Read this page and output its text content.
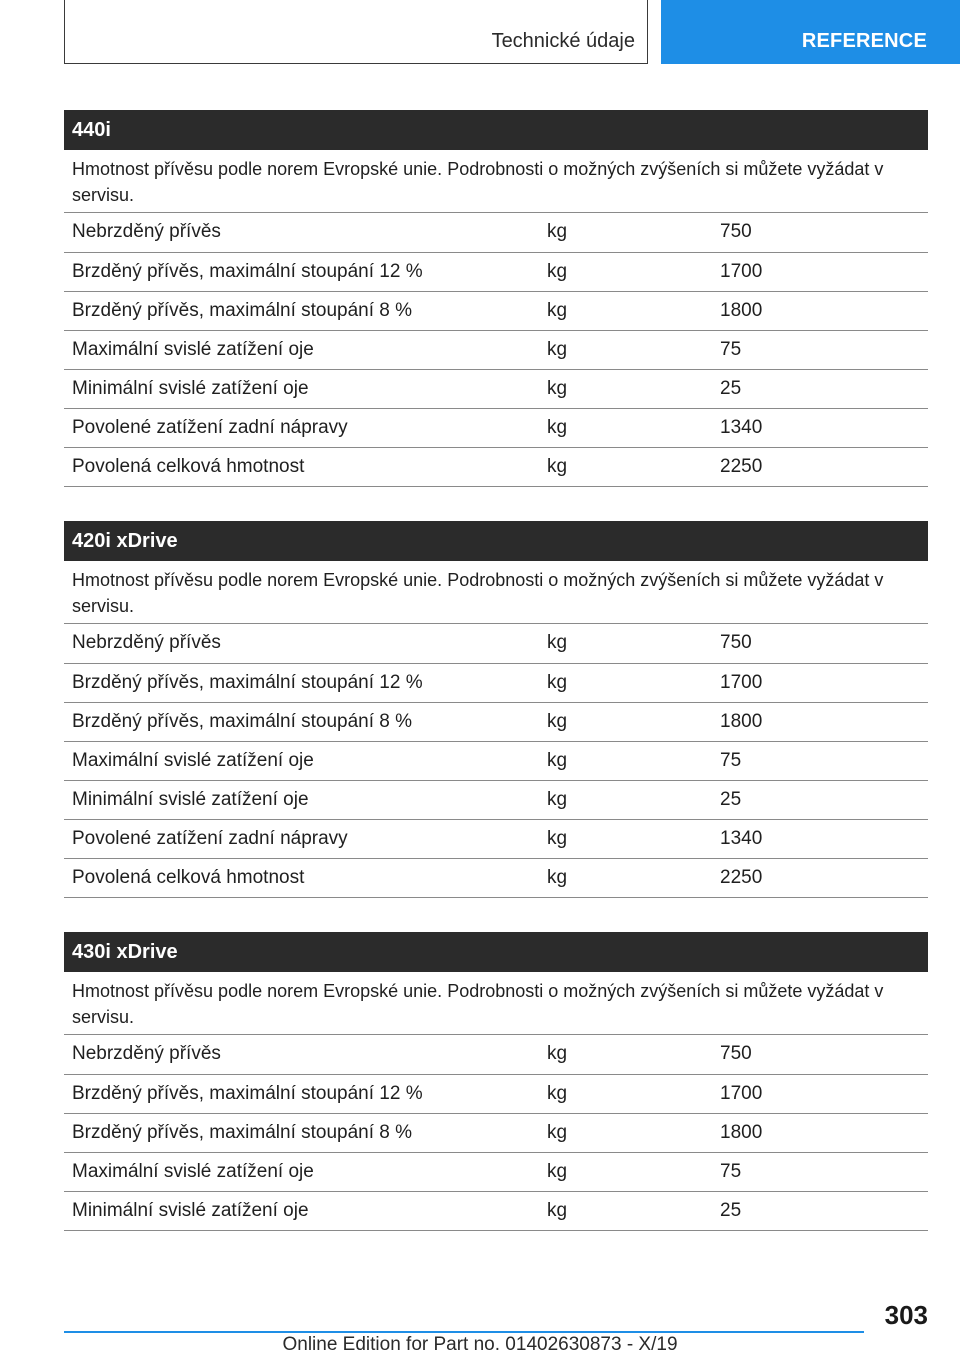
Technické údaje	REFERENCE
440i
Hmotnost přívěsu podle norem Evropské unie. Podrobnosti o možných zvýšeních si můžete vyžádat v servisu.
Nebrzděný přívěs	kg	750
Brzděný přívěs, maximální stoupání 12 %	kg	1700
Brzděný přívěs, maximální stoupání 8 %	kg	1800
Maximální svislé zatížení oje	kg	75
Minimální svislé zatížení oje	kg	25
Povolené zatížení zadní nápravy	kg	1340
Povolená celková hmotnost	kg	2250
420i xDrive
Hmotnost přívěsu podle norem Evropské unie. Podrobnosti o možných zvýšeních si můžete vyžádat v servisu.
Nebrzděný přívěs	kg	750
Brzděný přívěs, maximální stoupání 12 %	kg	1700
Brzděný přívěs, maximální stoupání 8 %	kg	1800
Maximální svislé zatížení oje	kg	75
Minimální svislé zatížení oje	kg	25
Povolené zatížení zadní nápravy	kg	1340
Povolená celková hmotnost	kg	2250
430i xDrive
Hmotnost přívěsu podle norem Evropské unie. Podrobnosti o možných zvýšeních si můžete vyžádat v servisu.
Nebrzděný přívěs	kg	750
Brzděný přívěs, maximální stoupání 12 %	kg	1700
Brzděný přívěs, maximální stoupání 8 %	kg	1800
Maximální svislé zatížení oje	kg	75
Minimální svislé zatížení oje	kg	25
303
Online Edition for Part no. 01402630873 - X/19
